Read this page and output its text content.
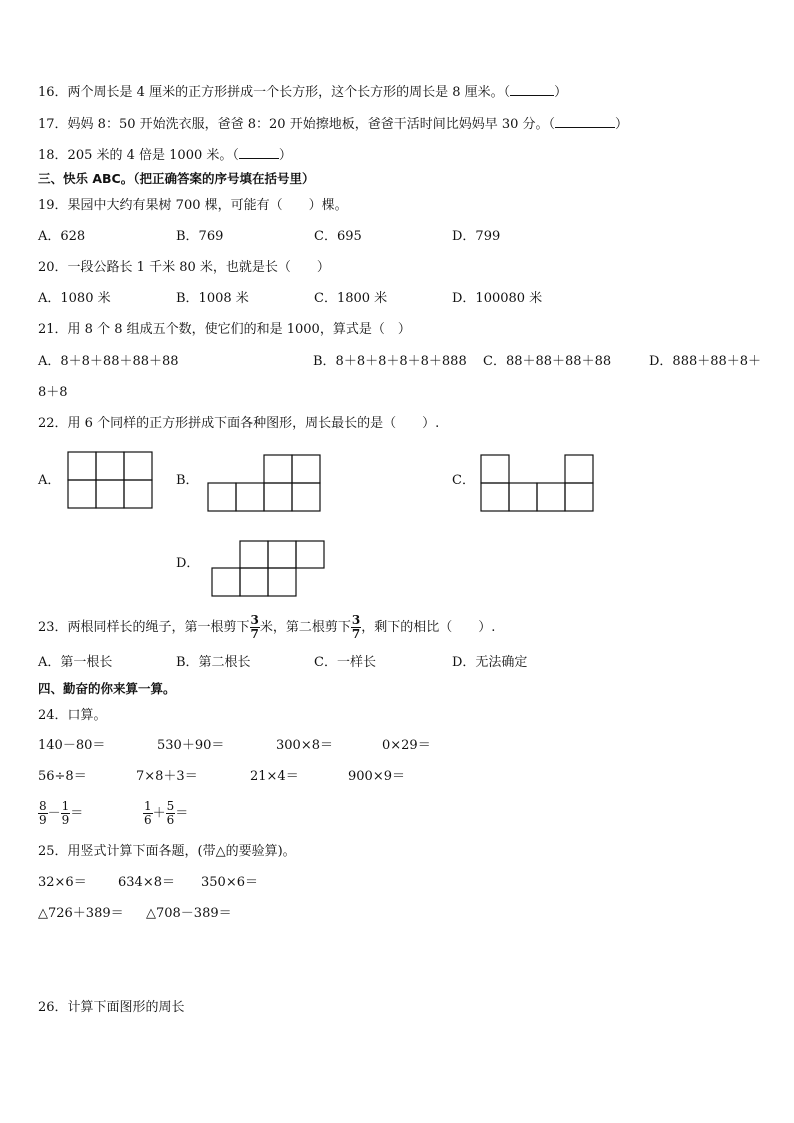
16．两个周长是 4 厘米的正方形拼成一个长方形，这个长方形的周长是 8 厘米。（	）
17．妈妈 8：50 开始洗衣服，爸爸 8：20 开始擦地板，爸爸干活时间比妈妈早 30 分。（	）
18．205 米的 4 倍是 1000 米。（	）
三、快乐 ABC。（把正确答案的序号填在括号里）
19．果园中大约有果树 700 棵，可能有（　　）棵。
A．628	B．769	C．695	D．799
20．一段公路长 1 千米 80 米，也就是长（　　）
A．1080 米	B．1008 米	C．1800 米	D．100080 米
21．用 8 个 8 组成五个数，使它们的和是 1000，算式是（　）
A．8＋8＋88＋88＋88	B．8＋8＋8＋8＋8＋888 C．88＋88＋88＋88	D．888＋88＋8＋
8＋8
22．用 6 个同样的正方形拼成下面各种图形，周长最长的是（　　）.
A．	B．	C．
D．
23．两根同样长的绳子，第一根剪下 $\frac{3}{7}$ 米，第二根剪下 $\frac{3}{7}$ ，剩下的相比（　　）.
A．第一根长	B．第二根长	C．一样长	D．无法确定
四、勤奋的你来算一算。
24．口算。
140－80＝	530＋90＝	300×8＝	0×29＝
56÷8＝	7×8＋3＝	21×4＝	900×9＝
$\frac{8}{9} - \frac{1}{9}$ ＝	$\frac{1}{6} + \frac{5}{6}$ ＝
25．用竖式计算下面各题，(带△的要验算)。
32×6＝ 634×8＝ 350×6＝
△726＋389＝ △708－389＝
26．计算下面图形的周长
